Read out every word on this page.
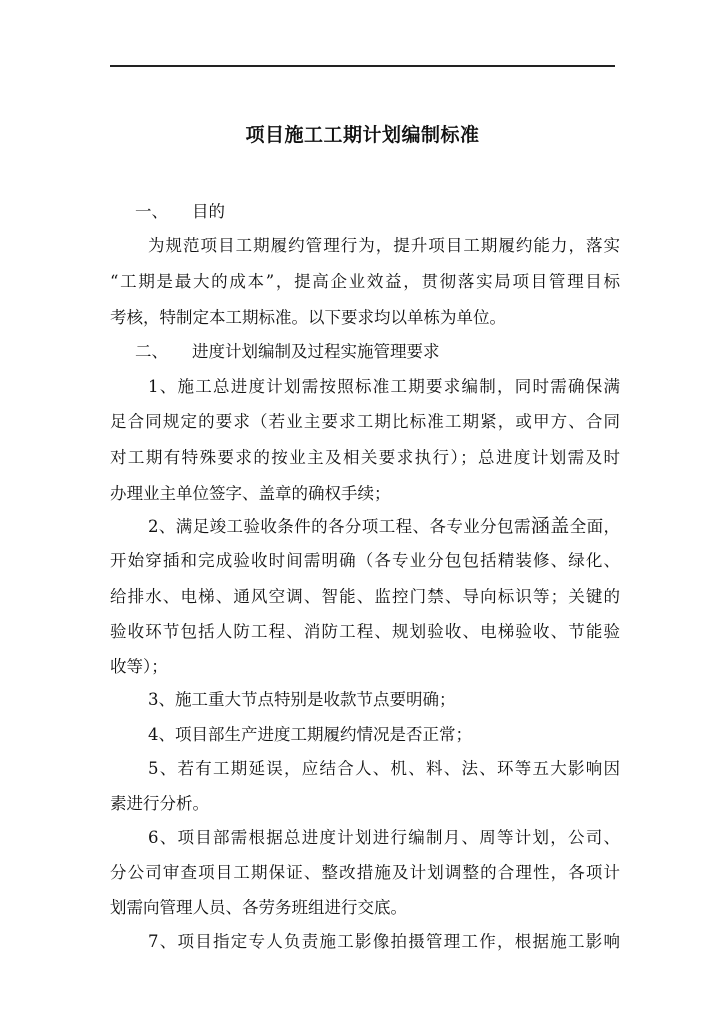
项目施工工期计划编制标准
一、 目的
为规范项目工期履约管理行为，提升项目工期履约能力，落实
“工期是最大的成本”，提高企业效益，贯彻落实局项目管理目标
考核，特制定本工期标准。以下要求均以单栋为单位。
二、 进度计划编制及过程实施管理要求
1、施工总进度计划需按照标准工期要求编制，同时需确保满
足合同规定的要求（若业主要求工期比标准工期紧，或甲方、合同
对工期有特殊要求的按业主及相关要求执行）；总进度计划需及时
办理业主单位签字、盖章的确权手续；
2、满足竣工验收条件的各分项工程、各专业分包需涵盖全面，
开始穿插和完成验收时间需明确（各专业分包包括精装修、绿化、
给排水、电梯、通风空调、智能、监控门禁、导向标识等；关键的
验收环节包括人防工程、消防工程、规划验收、电梯验收、节能验
收等）；
3、施工重大节点特别是收款节点要明确；
4、项目部生产进度工期履约情况是否正常；
5、若有工期延误，应结合人、机、料、法、环等五大影响因
素进行分析。
6、项目部需根据总进度计划进行编制月、周等计划，公司、
分公司审查项目工期保证、整改措施及计划调整的合理性，各项计
划需向管理人员、各劳务班组进行交底。
7、项目指定专人负责施工影像拍摄管理工作，根据施工影响
